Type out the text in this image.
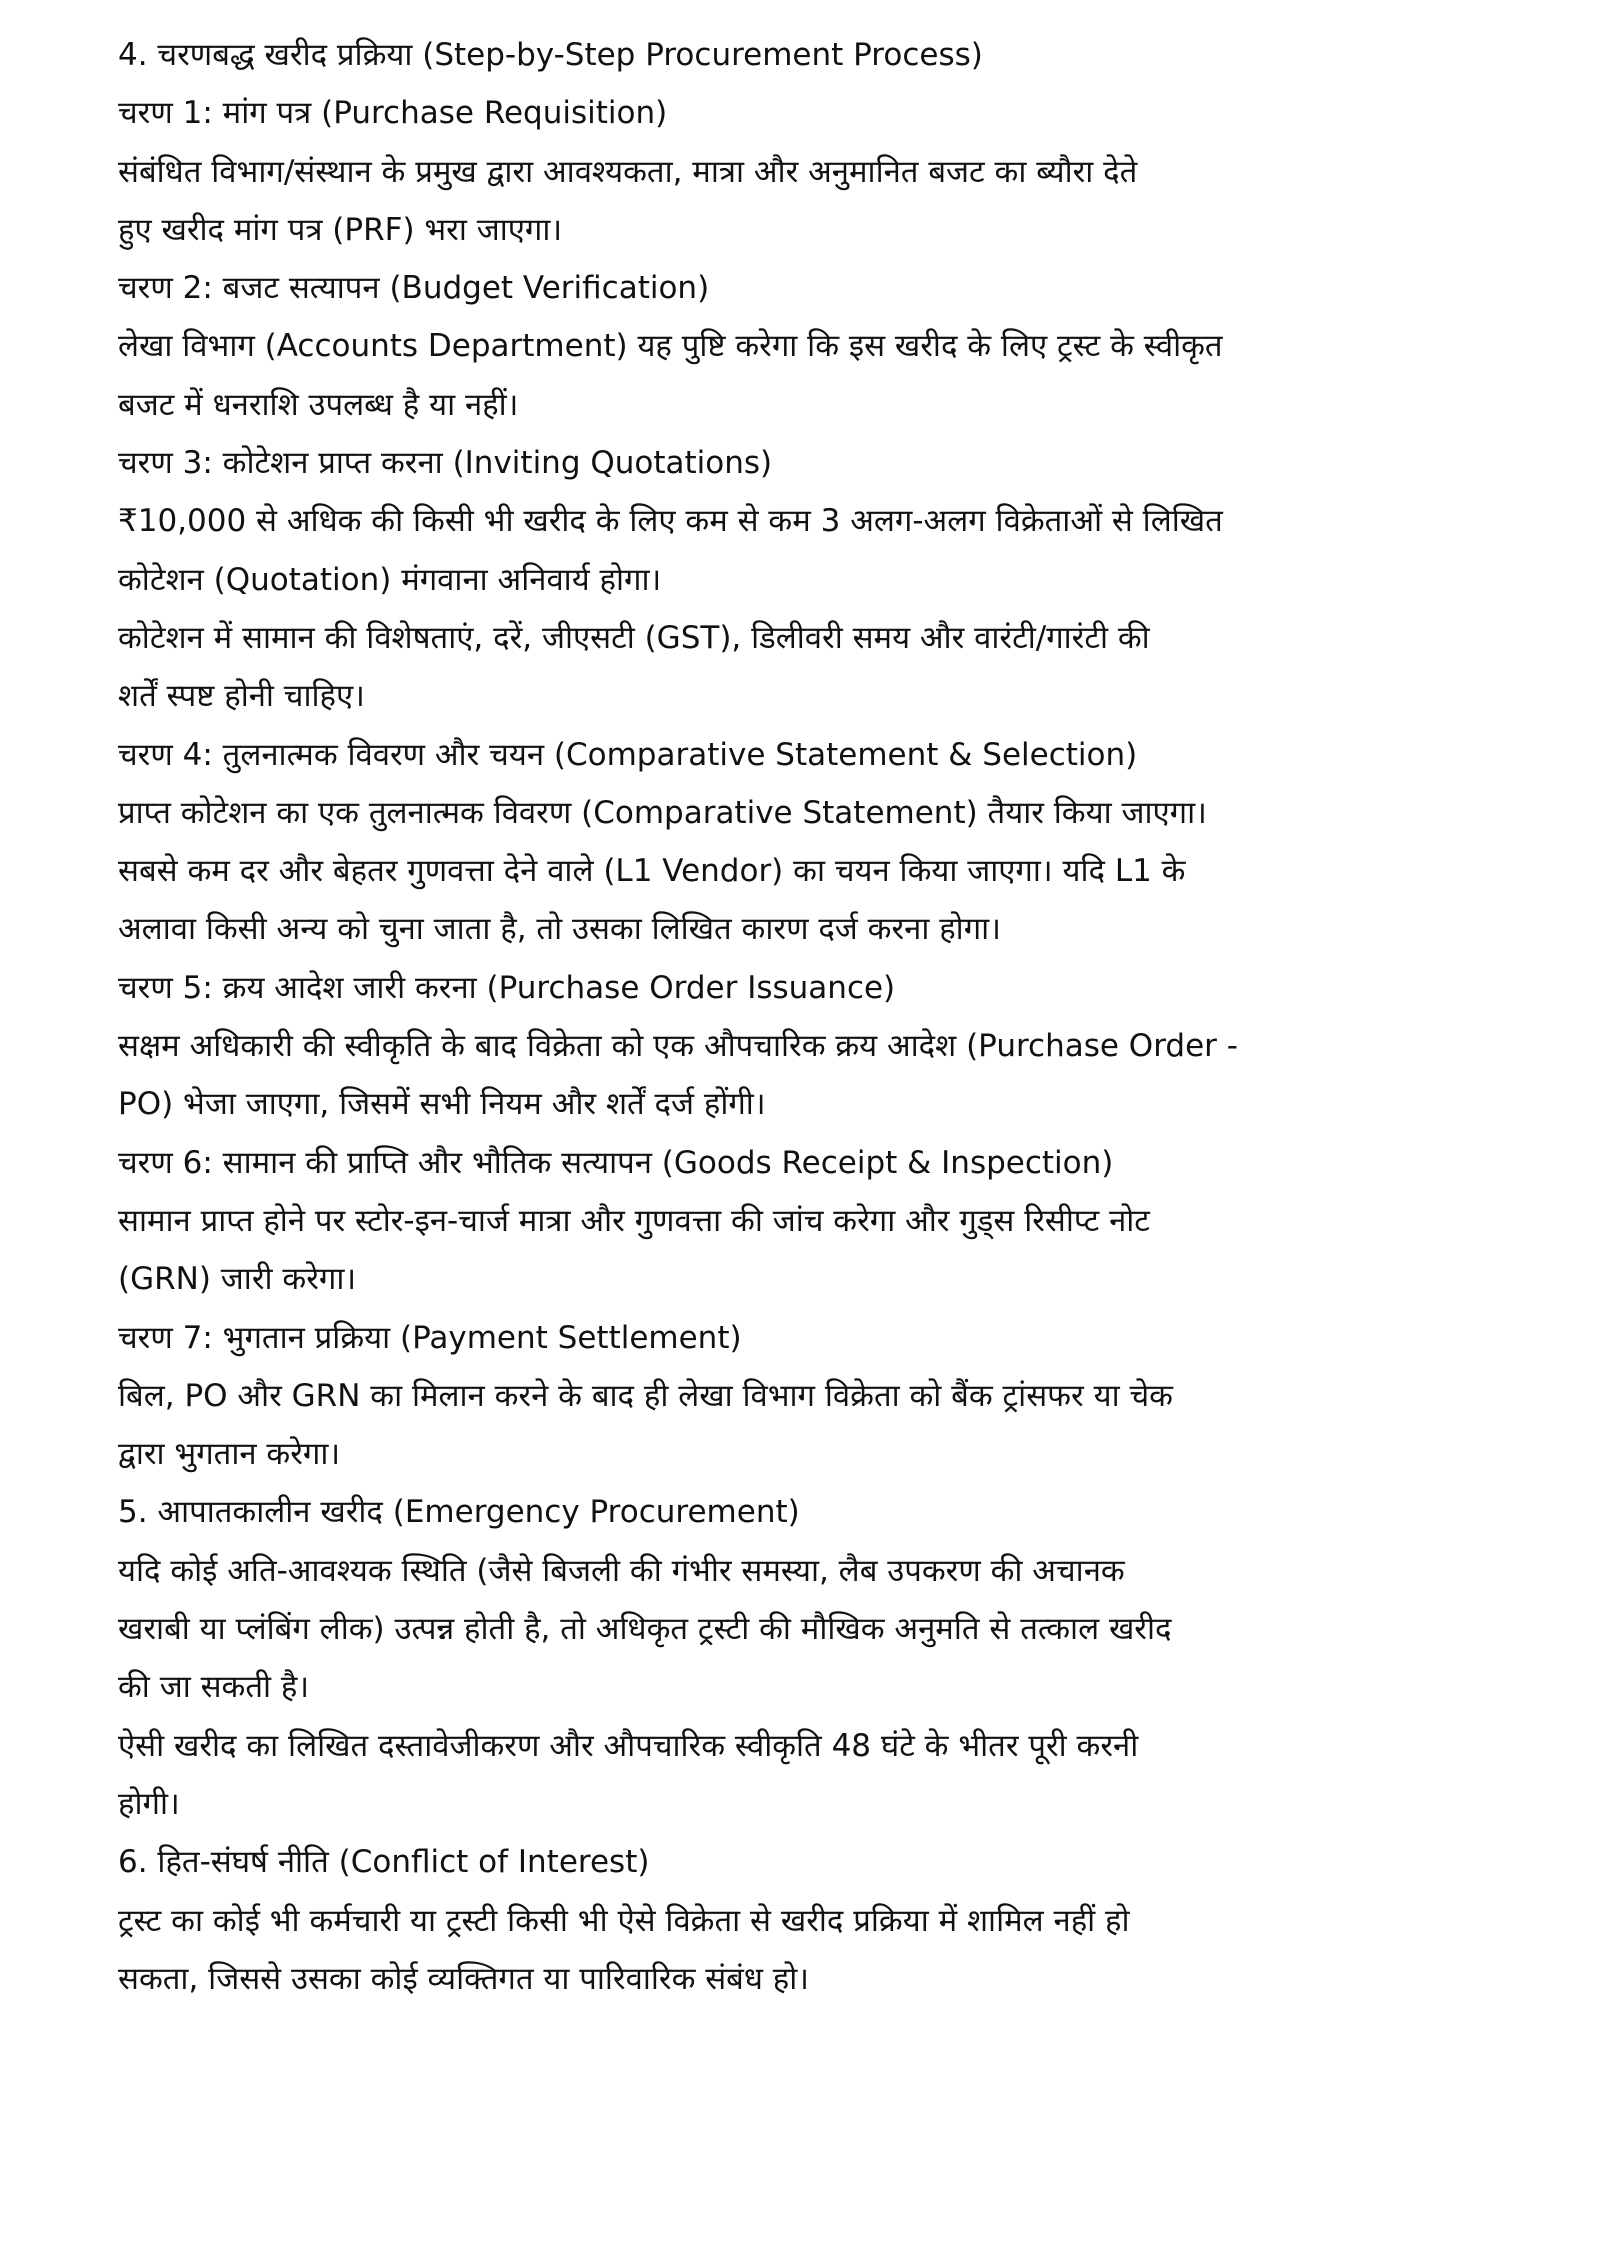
4. चरणबद्ध खरीद प्रक्रिया (Step-by-Step Procurement Process)
चरण 1: मांग पत्र (Purchase Requisition)
संबंधित विभाग/संस्थान के प्रमुख द्वारा आवश्यकता, मात्रा और अनुमानित बजट का ब्यौरा देते
हुए खरीद मांग पत्र (PRF) भरा जाएगा।
चरण 2: बजट सत्यापन (Budget Verification)
लेखा विभाग (Accounts Department) यह पुष्टि करेगा कि इस खरीद के लिए ट्रस्ट के स्वीकृत
बजट में धनराशि उपलब्ध है या नहीं।
चरण 3: कोटेशन प्राप्त करना (Inviting Quotations)
₹10,000 से अधिक की किसी भी खरीद के लिए कम से कम 3 अलग-अलग विक्रेताओं से लिखित
कोटेशन (Quotation) मंगवाना अनिवार्य होगा।
कोटेशन में सामान की विशेषताएं, दरें, जीएसटी (GST), डिलीवरी समय और वारंटी/गारंटी की
शर्तें स्पष्ट होनी चाहिए।
चरण 4: तुलनात्मक विवरण और चयन (Comparative Statement & Selection)
प्राप्त कोटेशन का एक तुलनात्मक विवरण (Comparative Statement) तैयार किया जाएगा।
सबसे कम दर और बेहतर गुणवत्ता देने वाले (L1 Vendor) का चयन किया जाएगा। यदि L1 के
अलावा किसी अन्य को चुना जाता है, तो उसका लिखित कारण दर्ज करना होगा।
चरण 5: क्रय आदेश जारी करना (Purchase Order Issuance)
सक्षम अधिकारी की स्वीकृति के बाद विक्रेता को एक औपचारिक क्रय आदेश (Purchase Order -
PO) भेजा जाएगा, जिसमें सभी नियम और शर्तें दर्ज होंगी।
चरण 6: सामान की प्राप्ति और भौतिक सत्यापन (Goods Receipt & Inspection)
सामान प्राप्त होने पर स्टोर-इन-चार्ज मात्रा और गुणवत्ता की जांच करेगा और गुड्स रिसीप्ट नोट
(GRN) जारी करेगा।
चरण 7: भुगतान प्रक्रिया (Payment Settlement)
बिल, PO और GRN का मिलान करने के बाद ही लेखा विभाग विक्रेता को बैंक ट्रांसफर या चेक
द्वारा भुगतान करेगा।
5. आपातकालीन खरीद (Emergency Procurement)
यदि कोई अति-आवश्यक स्थिति (जैसे बिजली की गंभीर समस्या, लैब उपकरण की अचानक
खराबी या प्लंबिंग लीक) उत्पन्न होती है, तो अधिकृत ट्रस्टी की मौखिक अनुमति से तत्काल खरीद
की जा सकती है।
ऐसी खरीद का लिखित दस्तावेजीकरण और औपचारिक स्वीकृति 48 घंटे के भीतर पूरी करनी
होगी।
6. हित-संघर्ष नीति (Conflict of Interest)
ट्रस्ट का कोई भी कर्मचारी या ट्रस्टी किसी भी ऐसे विक्रेता से खरीद प्रक्रिया में शामिल नहीं हो
सकता, जिससे उसका कोई व्यक्तिगत या पारिवारिक संबंध हो।
